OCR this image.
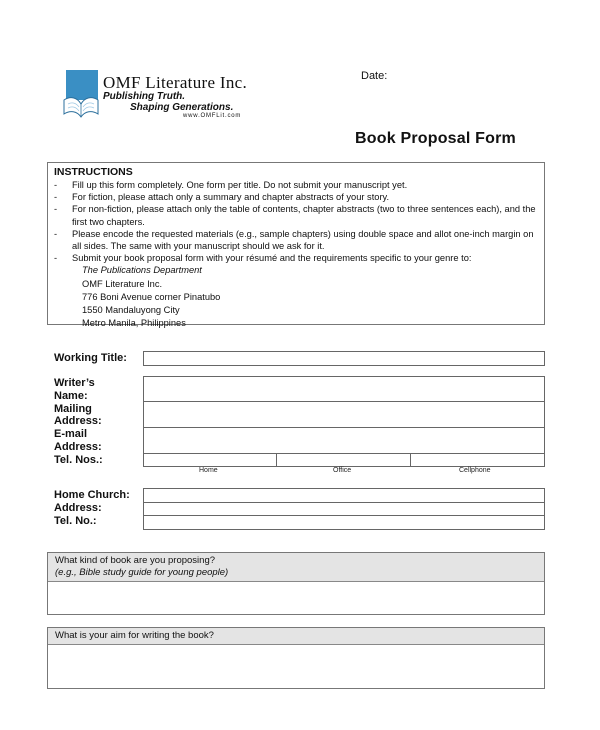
OMF Literature Inc.
Publishing Truth.
Shaping Generations.
www.OMFLit.com
Date:
Book Proposal Form
INSTRUCTIONS
- Fill up this form completely. One form per title. Do not submit your manuscript yet.
- For fiction, please attach only a summary and chapter abstracts of your story.
- For non-fiction, please attach only the table of contents, chapter abstracts (two to three sentences each), and the first two chapters.
- Please encode the requested materials (e.g., sample chapters) using double space and allot one-inch margin on all sides. The same with your manuscript should we ask for it.
- Submit your book proposal form with your résumé and the requirements specific to your genre to:
The Publications Department
OMF Literature Inc.
776 Boni Avenue corner Pinatubo
1550 Mandaluyong City
Metro Manila, Philippines
Working Title:
Writer’s
Name:
Mailing
Address:
E-mail
Address:
Tel. Nos.:
Home	Office	Cellphone
Home Church:
Address:
Tel. No.:
What kind of book are you proposing?
(e.g., Bible study guide for young people)
What is your aim for writing the book?
